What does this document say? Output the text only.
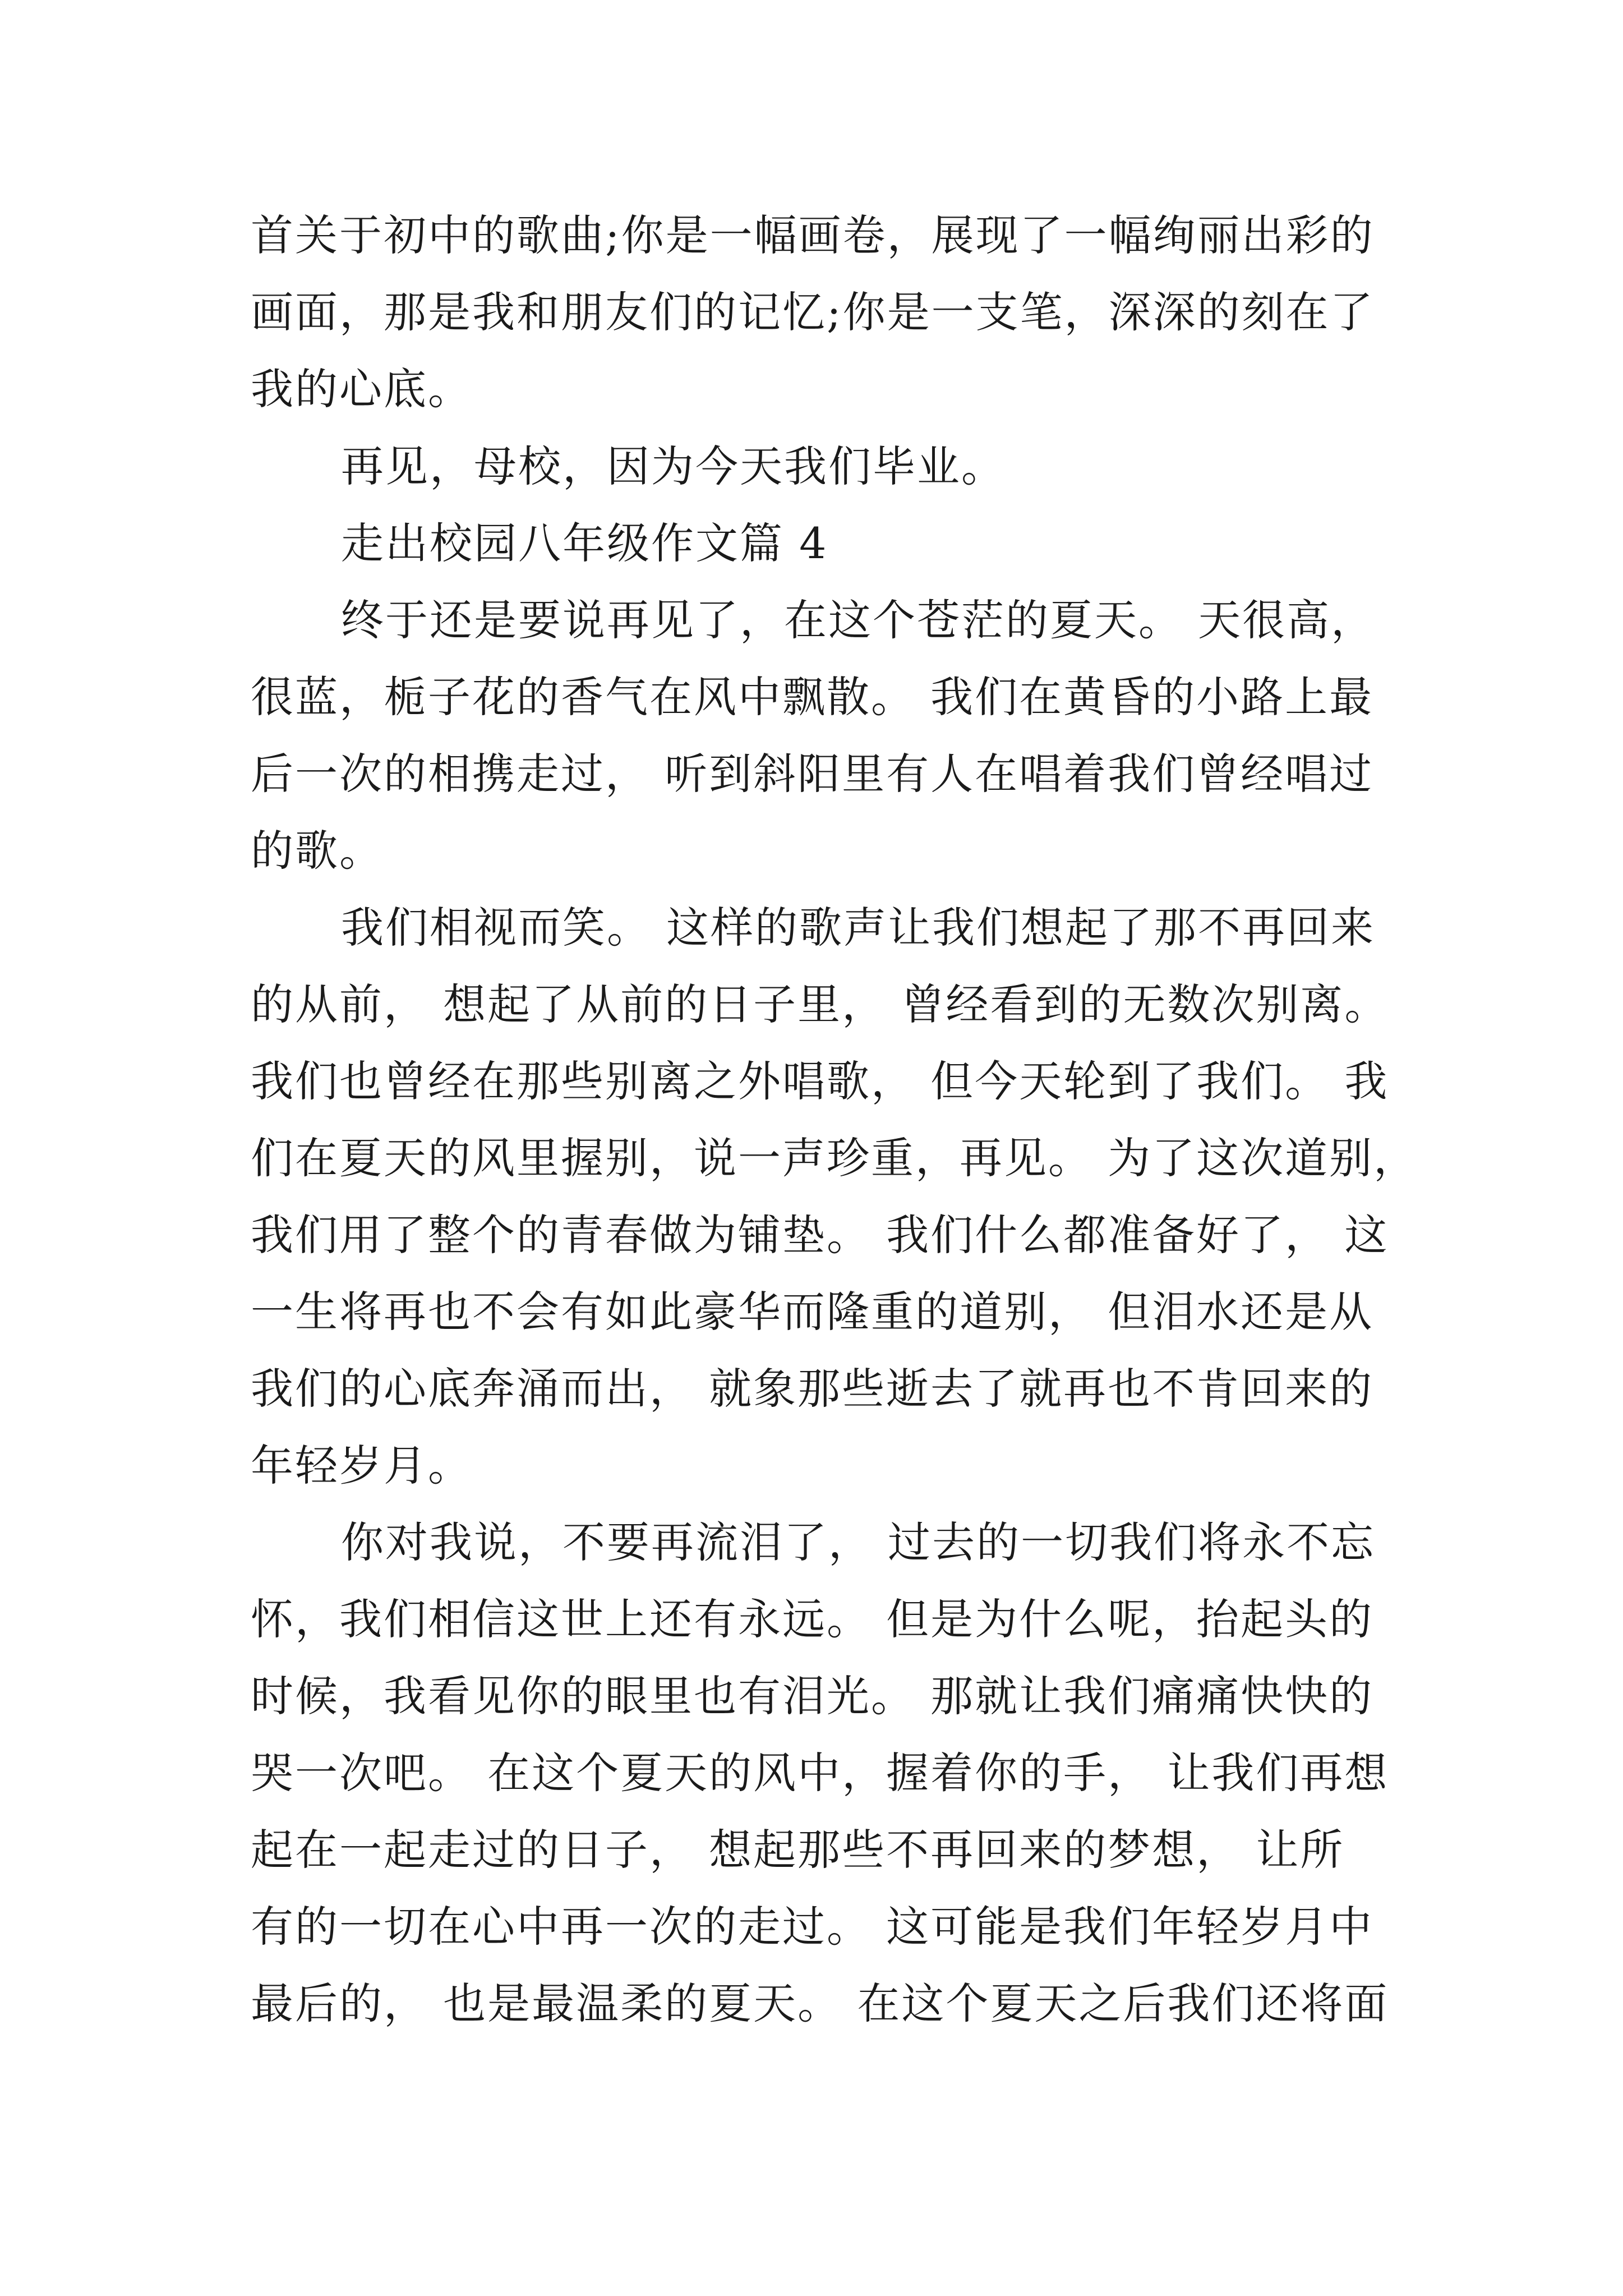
首关于初中的歌曲;你是一幅画卷，展现了一幅绚丽出彩的

画面，那是我和朋友们的记忆;你是一支笔，深深的刻在了

我的心底。

再见，母校，因为今天我们毕业。

走出校园八年级作文篇 4

终于还是要说再见了，在这个苍茫的夏天。 天很高，

很蓝，栀子花的香气在风中飘散。 我们在黄昏的小路上最

后一次的相携走过， 听到斜阳里有人在唱着我们曾经唱过

的歌。

我们相视而笑。 这样的歌声让我们想起了那不再回来

的从前， 想起了从前的日子里， 曾经看到的无数次别离。

我们也曾经在那些别离之外唱歌， 但今天轮到了我们。 我

们在夏天的风里握别，说一声珍重，再见。 为了这次道别，

我们用了整个的青春做为铺垫。 我们什么都准备好了， 这

一生将再也不会有如此豪华而隆重的道别， 但泪水还是从

我们的心底奔涌而出， 就象那些逝去了就再也不肯回来的

年轻岁月。

你对我说，不要再流泪了， 过去的一切我们将永不忘

怀，我们相信这世上还有永远。 但是为什么呢，抬起头的

时候，我看见你的眼里也有泪光。 那就让我们痛痛快快的

哭一次吧。 在这个夏天的风中，握着你的手， 让我们再想

起在一起走过的日子， 想起那些不再回来的梦想， 让所

有的一切在心中再一次的走过。 这可能是我们年轻岁月中

最后的， 也是最温柔的夏天。 在这个夏天之后我们还将面
